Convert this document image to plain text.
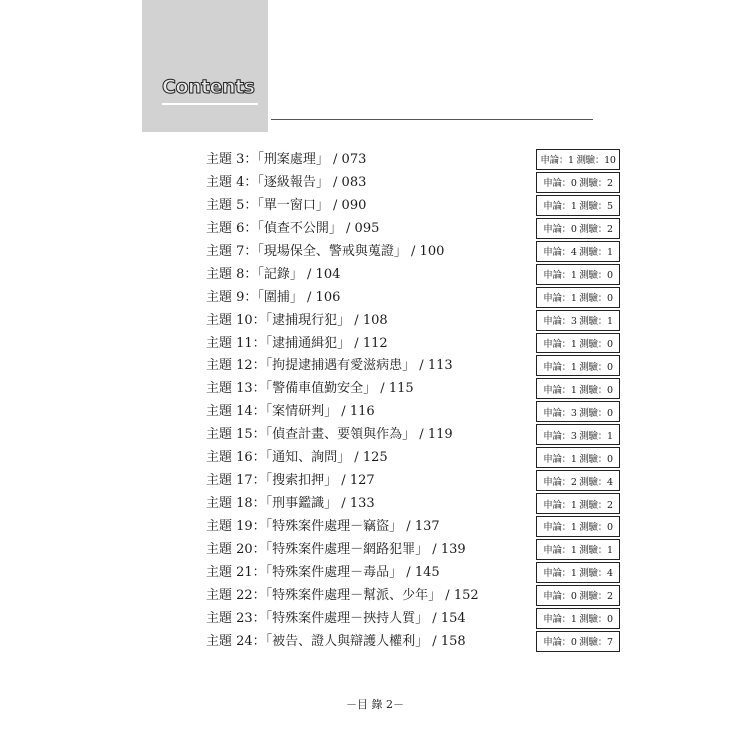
Contents
主題 3：「刑案處理」 / 073
主題 4：「逐級報告」 / 083
主題 5：「單一窗口」 / 090
主題 6：「偵查不公開」 / 095
主題 7：「現場保全、警戒與蒐證」 / 100
主題 8：「記錄」 / 104
主題 9：「圍捕」 / 106
主題 10：「逮捕現行犯」 / 108
主題 11：「逮捕通緝犯」 / 112
主題 12：「拘提逮捕遇有愛滋病患」 / 113
主題 13：「警備車值勤安全」 / 115
主題 14：「案情研判」 / 116
主題 15：「偵查計畫、要領與作為」 / 119
主題 16：「通知、詢問」 / 125
主題 17：「搜索扣押」 / 127
主題 18：「刑事鑑識」 / 133
主題 19：「特殊案件處理－竊盜」 / 137
主題 20：「特殊案件處理－網路犯罪」 / 139
主題 21：「特殊案件處理－毒品」 / 145
主題 22：「特殊案件處理－幫派、少年」 / 152
主題 23：「特殊案件處理－挾持人質」 / 154
主題 24：「被告、證人與辯護人權利」 / 158
申論：1 測驗：10
申論：0 測驗：2
申論：1 測驗：5
申論：0 測驗：2
申論：4 測驗：1
申論：1 測驗：0
申論：1 測驗：0
申論：3 測驗：1
申論：1 測驗：0
申論：1 測驗：0
申論：1 測驗：0
申論：3 測驗：0
申論：3 測驗：1
申論：1 測驗：0
申論：2 測驗：4
申論：1 測驗：2
申論：1 測驗：0
申論：1 測驗：1
申論：1 測驗：4
申論：0 測驗：2
申論：1 測驗：0
申論：0 測驗：7
－目 錄 2－
